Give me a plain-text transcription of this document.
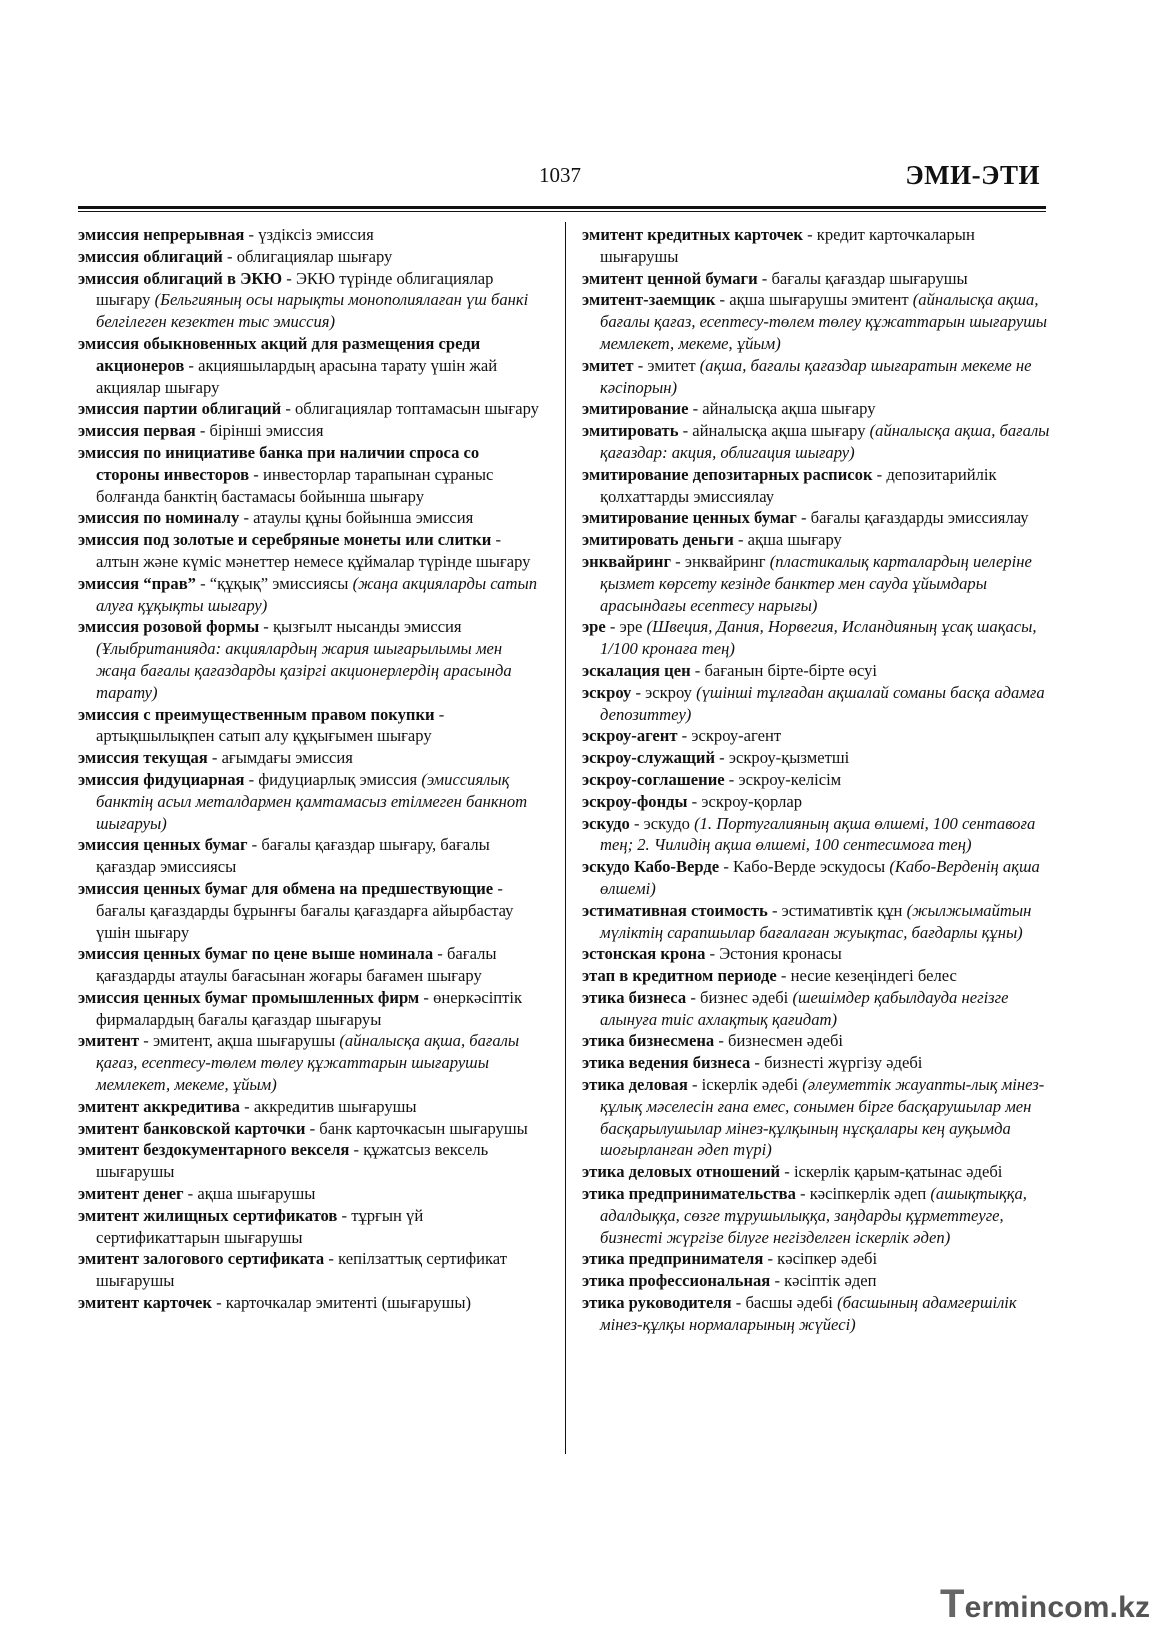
1037	ЭМИ-ЭТИ

эмиссия непрерывная - үздіксіз эмиссия

эмиссия облигаций - облигациялар шығару

эмиссия облигаций в ЭКЮ - ЭКЮ түрінде облигациялар шығару (Бельгияның осы нарықты монополиялаған үш банкі белгілеген кезектен тыс эмиссия)

эмиссия обыкновенных акций для размещения среди акционеров - акцияшылардың арасына тарату үшін жай акциялар шығару

эмиссия партии облигаций - облигациялар топтамасын шығару

эмиссия первая - бірінші эмиссия

эмиссия по инициативе банка при наличии спроса со стороны инвесторов - инвесторлар тарапынан сұраныс болғанда банктің бастамасы бойынша шығару

эмиссия по номиналу - атаулы құны бойынша эмиссия

эмиссия под золотые и серебряные монеты или слитки - алтын және күміс мәнеттер немесе құймалар түрінде шығару

эмиссия “прав” - “құқық” эмиссиясы (жаңа акцияларды сатып алуға құқықты шығару)

эмиссия розовой формы - қызғылт нысанды эмиссия (Ұлыбританияда: акциялардың жария шығарылымы мен жаңа бағалы қағаздарды қазіргі акционерлердің арасында тарату)

эмиссия с преимущественным правом покупки - артықшылықпен сатып алу құқығымен шығару

эмиссия текущая - ағымдағы эмиссия

эмиссия фидуциарная - фидуциарлық эмиссия (эмиссиялық банктің асыл металдармен қамтамасыз етілмеген банкнот шығаруы)

эмиссия ценных бумаг - бағалы қағаздар шығару, бағалы қағаздар эмиссиясы

эмиссия ценных бумаг для обмена на предшествующие - бағалы қағаздарды бұрынғы бағалы қағаздарға айырбастау үшін шығару

эмиссия ценных бумаг по цене выше номинала - бағалы қағаздарды атаулы бағасынан жоғары бағамен шығару

эмиссия ценных бумаг промышленных фирм - өнеркәсіптік фирмалардың бағалы қағаздар шығаруы

эмитент - эмитент, ақша шығарушы (айналысқа ақша, бағалы қағаз, есептесу-төлем төлеу құжаттарын шығарушы мемлекет, мекеме, ұйым)

эмитент аккредитива - аккредитив шығарушы

эмитент банковской карточки - банк карточкасын шығарушы

эмитент бездокументарного векселя - құжатсыз вексель шығарушы

эмитент денег - ақша шығарушы

эмитент жилищных сертификатов - тұрғын үй сертификаттарын шығарушы

эмитент залогового сертификата - кепілзаттық сертификат шығарушы

эмитент карточек - карточкалар эмитенті (шығарушы)

эмитент кредитных карточек - кредит карточкаларын шығарушы

эмитент ценной бумаги - бағалы қағаздар шығарушы

эмитент-заемщик - ақша шығарушы эмитент (айналысқа ақша, бағалы қағаз, есептесу-төлем төлеу құжаттарын шығарушы мемлекет, мекеме, ұйым)

эмитет - эмитет (ақша, бағалы қағаздар шығаратын мекеме не кәсіпорын)

эмитирование - айналысқа ақша шығару

эмитировать - айналысқа ақша шығару (айналысқа ақша, бағалы қағаздар: акция, облигация шығару)

эмитирование депозитарных расписок - депозитарийлік қолхаттарды эмиссиялау

эмитирование ценных бумаг - бағалы қағаздарды эмиссиялау

эмитировать деньги - ақша шығару

энквайринг - энквайринг (пластикалық карталардың иелеріне қызмет көрсету кезінде банктер мен сауда ұйымдары арасындағы есептесу нарығы)

эре - эре (Швеция, Дания, Норвегия, Исландияның ұсақ шақасы, 1/100 кронаға тең)

эскалация цен - бағанын бірте-бірте өсуі

эскроу - эскроу (үшінші тұлғадан ақшалай соманы басқа адамға депозиттеу)

эскроу-агент - эскроу-агент

эскроу-служащий - эскроу-қызметші

эскроу-соглашение - эскроу-келісім

эскроу-фонды - эскроу-қорлар

эскудо - эскудо (1. Португалияның ақша өлшемі, 100 сентавоға тең; 2. Чилидің ақша өлшемі, 100 сентесимоға тең)

эскудо Кабо-Верде - Кабо-Верде эскудосы (Кабо-Верденің ақша өлшемі)

эстимативная стоимость - эстимативтік құн (жылжымайтын мүліктің сарапшылар бағалаған жуықтас, бағдарлы құны)

эстонская крона - Эстония кронасы

этап в кредитном периоде - несие кезеңіндегі белес

этика бизнеса - бизнес әдебі (шешімдер қабылдауда негізге алынуға тиіс ахлақтық қағидат)

этика бизнесмена - бизнесмен әдебі

этика ведения бизнеса - бизнесті жүргізу әдебі

этика деловая - іскерлік әдебі (әлеуметтік жауапты-лық мінез-құлық мәселесін ғана емес, сонымен бірге басқарушылар мен басқарылушылар мінез-құлқының нұсқалары кең ауқымда шоғырланған әдеп түрі)

этика деловых отношений - іскерлік қарым-қатынас әдебі

этика предпринимательства - кәсіпкерлік әдеп (ашықтыққа, адалдыққа, сөзге тұрушылыққа, заңдарды құрметтеуге, бизнесті жүргізе білуге негізделген іскерлік әдеп)

этика предпринимателя - кәсіпкер әдебі

этика профессиональная - кәсіптік әдеп

этика руководителя - басшы әдебі (басшының адамгершілік мінез-құлқы нормаларының жүйесі)

Termincom.kz
